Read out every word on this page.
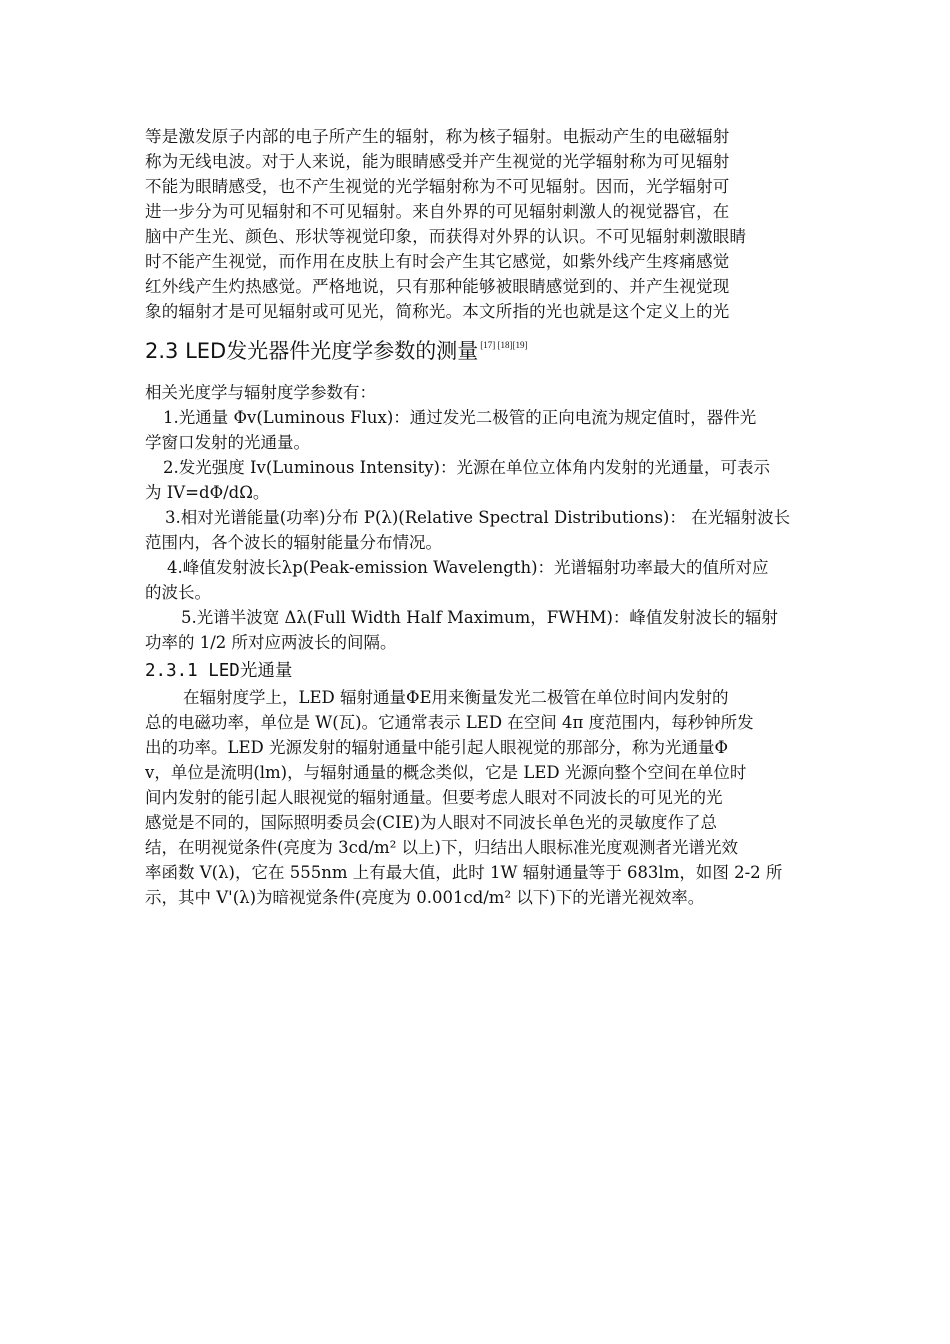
等是激发原子内部的电子所产生的辐射，称为核子辐射。电振动产生的电磁辐射
称为无线电波。对于人来说，能为眼睛感受并产生视觉的光学辐射称为可见辐射
不能为眼睛感受，也不产生视觉的光学辐射称为不可见辐射。因而，光学辐射可
进一步分为可见辐射和不可见辐射。来自外界的可见辐射刺激人的视觉器官，在
脑中产生光、颜色、形状等视觉印象，而获得对外界的认识。不可见辐射刺激眼睛
时不能产生视觉，而作用在皮肤上有时会产生其它感觉，如紫外线产生疼痛感觉
红外线产生灼热感觉。严格地说，只有那种能够被眼睛感觉到的、并产生视觉现
象的辐射才是可见辐射或可见光，简称光。本文所指的光也就是这个定义上的光
2.3 LED发光器件光度学参数的测量 [17] [18][19]
相关光度学与辐射度学参数有：
1.光通量 Φv(Luminous Flux)：通过发光二极管的正向电流为规定值时，器件光
学窗口发射的光通量。
2.发光强度 Iv(Luminous Intensity)：光源在单位立体角内发射的光通量，可表示
为 IV=dΦ/dΩ。
3.相对光谱能量(功率)分布 P(λ)(Relative Spectral Distributions)： 在光辐射波长
范围内，各个波长的辐射能量分布情况。
4.峰值发射波长λp(Peak-emission Wavelength)：光谱辐射功率最大的值所对应
的波长。
5.光谱半波宽 Δλ(Full Width Half Maximum，FWHM)：峰值发射波长的辐射
功率的 1/2 所对应两波长的间隔。
2.3.1 LED光通量
在辐射度学上，LED 辐射通量ΦE用来衡量发光二极管在单位时间内发射的
总的电磁功率，单位是 W(瓦)。它通常表示 LED 在空间 4π 度范围内，每秒钟所发
出的功率。LED 光源发射的辐射通量中能引起人眼视觉的那部分，称为光通量Φ
v，单位是流明(lm)，与辐射通量的概念类似，它是 LED 光源向整个空间在单位时
间内发射的能引起人眼视觉的辐射通量。但要考虑人眼对不同波长的可见光的光
感觉是不同的，国际照明委员会(CIE)为人眼对不同波长单色光的灵敏度作了总
结，在明视觉条件(亮度为 3cd/m² 以上)下，归结出人眼标准光度观测者光谱光效
率函数 V(λ)，它在 555nm 上有最大值，此时 1W 辐射通量等于 683lm，如图 2-2 所
示，其中 V'(λ)为暗视觉条件(亮度为 0.001cd/m² 以下)下的光谱光视效率。
